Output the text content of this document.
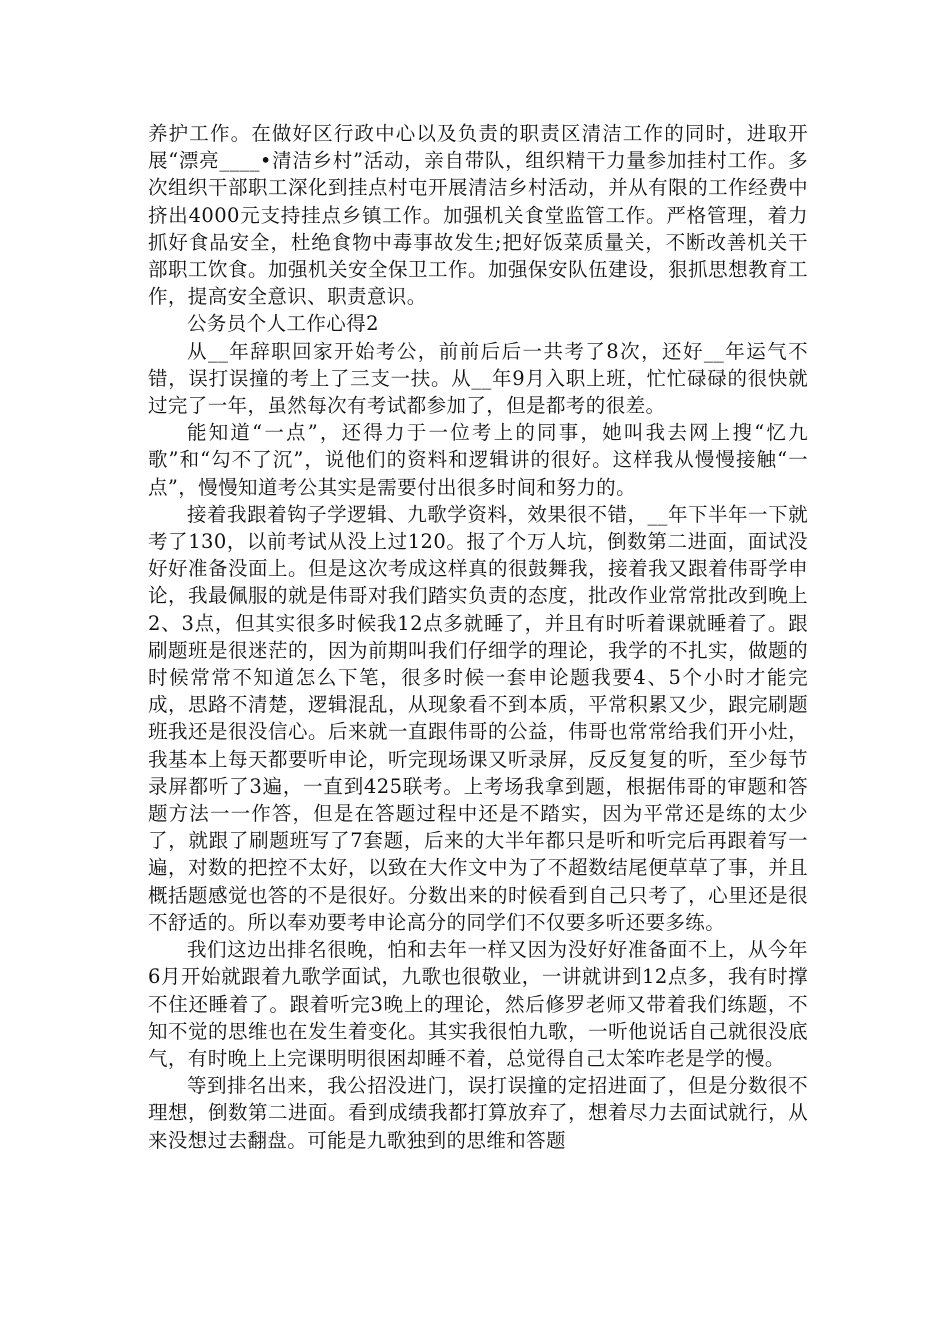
养护工作。在做好区行政中心以及负责的职责区清洁工作的同时，进取开展“漂亮____•清洁乡村”活动，亲自带队，组织精干力量参加挂村工作。多次组织干部职工深化到挂点村屯开展清洁乡村活动，并从有限的工作经费中挤出4000元支持挂点乡镇工作。加强机关食堂监管工作。严格管理，着力抓好食品安全，杜绝食物中毒事故发生;把好饭菜质量关，不断改善机关干部职工饮食。加强机关安全保卫工作。加强保安队伍建设，狠抓思想教育工作，提高安全意识、职责意识。

公务员个人工作心得2

从__年辞职回家开始考公，前前后后一共考了8次，还好__年运气不错，误打误撞的考上了三支一扶。从__年9月入职上班，忙忙碌碌的很快就过完了一年，虽然每次有考试都参加了，但是都考的很差。

能知道“一点”，还得力于一位考上的同事，她叫我去网上搜“忆九歌”和“勾不了沉”，说他们的资料和逻辑讲的很好。这样我从慢慢接触“一点”，慢慢知道考公其实是需要付出很多时间和努力的。

接着我跟着钩子学逻辑、九歌学资料，效果很不错，__年下半年一下就考了130，以前考试从没上过120。报了个万人坑，倒数第二进面，面试没好好准备没面上。但是这次考成这样真的很鼓舞我，接着我又跟着伟哥学申论，我最佩服的就是伟哥对我们踏实负责的态度，批改作业常常批改到晚上2、3点，但其实很多时候我12点多就睡了，并且有时听着课就睡着了。跟刷题班是很迷茫的，因为前期叫我们仔细学的理论，我学的不扎实，做题的时候常常不知道怎么下笔，很多时候一套申论题我要4、5个小时才能完成，思路不清楚，逻辑混乱，从现象看不到本质，平常积累又少，跟完刷题班我还是很没信心。后来就一直跟伟哥的公益，伟哥也常常给我们开小灶，我基本上每天都要听申论，听完现场课又听录屏，反反复复的听，至少每节录屏都听了3遍，一直到425联考。上考场我拿到题，根据伟哥的审题和答题方法一一作答，但是在答题过程中还是不踏实，因为平常还是练的太少了，就跟了刷题班写了7套题，后来的大半年都只是听和听完后再跟着写一遍，对数的把控不太好，以致在大作文中为了不超数结尾便草草了事，并且概括题感觉也答的不是很好。分数出来的时候看到自己只考了，心里还是很不舒适的。所以奉劝要考申论高分的同学们不仅要多听还要多练。

我们这边出排名很晚，怕和去年一样又因为没好好准备面不上，从今年6月开始就跟着九歌学面试，九歌也很敬业，一讲就讲到12点多，我有时撑不住还睡着了。跟着听完3晚上的理论，然后修罗老师又带着我们练题，不知不觉的思维也在发生着变化。其实我很怕九歌，一听他说话自己就很没底气，有时晚上上完课明明很困却睡不着，总觉得自己太笨咋老是学的慢。

等到排名出来，我公招没进门，误打误撞的定招进面了，但是分数很不理想，倒数第二进面。看到成绩我都打算放弃了，想着尽力去面试就行，从来没想过去翻盘。可能是九歌独到的思维和答题
